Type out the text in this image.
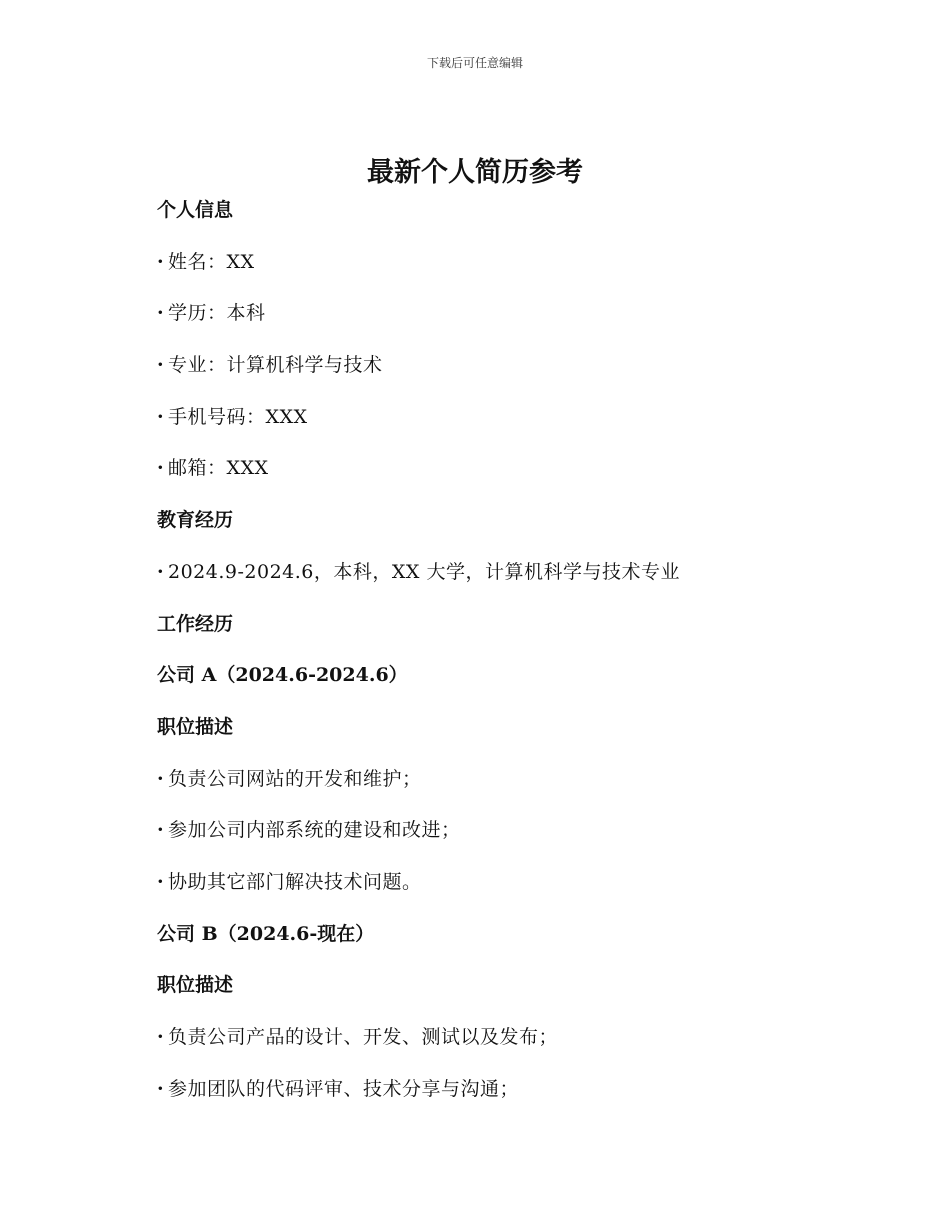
下载后可任意编辑
最新个人简历参考
个人信息
· 姓名：XX
· 学历：本科
· 专业：计算机科学与技术
· 手机号码：XXX
· 邮箱：XXX
教育经历
· 2024.9-2024.6，本科，XX 大学，计算机科学与技术专业
工作经历
公司 A（2024.6-2024.6）
职位描述
· 负责公司网站的开发和维护；
· 参加公司内部系统的建设和改进；
· 协助其它部门解决技术问题。
公司 B（2024.6-现在）
职位描述
· 负责公司产品的设计、开发、测试以及发布；
· 参加团队的代码评审、技术分享与沟通；
